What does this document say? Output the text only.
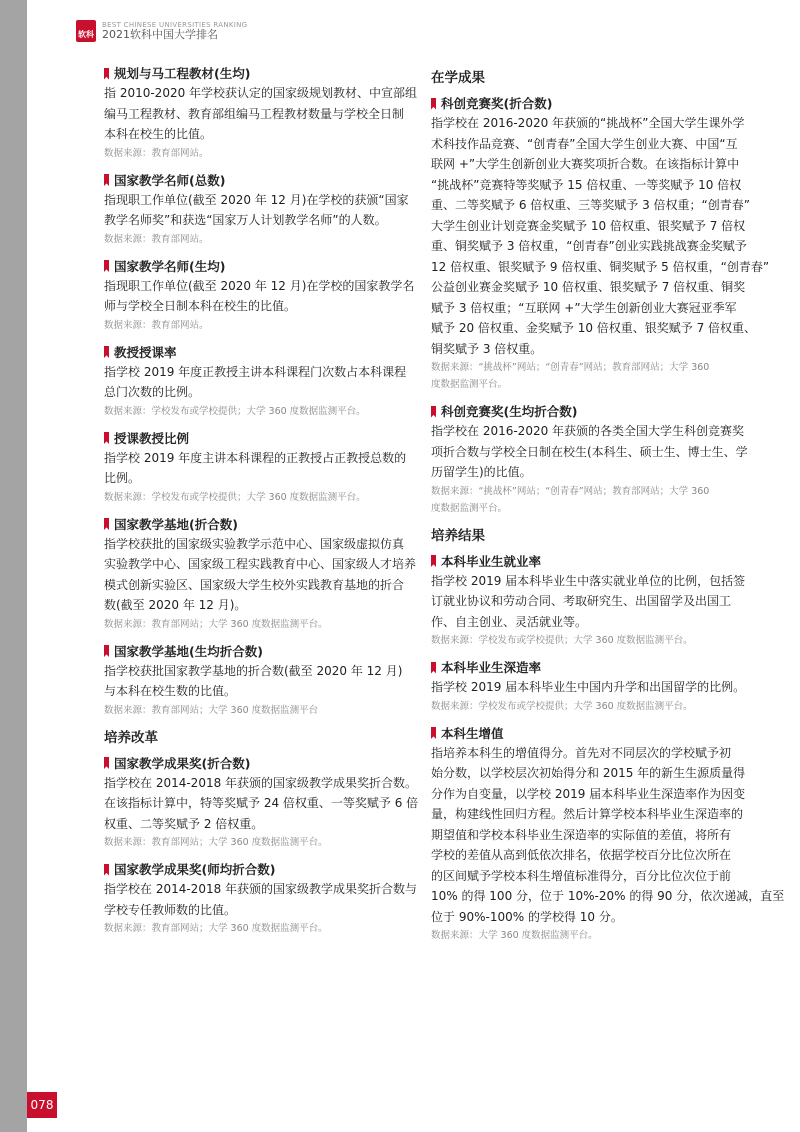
078
软科
BEST CHINESE UNIVERSITIES RANKING
2021软科中国大学排名
规划与马工程教材(生均)
指 2010-2020 年学校获认定的国家级规划教材、中宣部组
编马工程教材、教育部组编马工程教材数量与学校全日制
本科在校生的比值。
数据来源：教育部网站。
国家教学名师(总数)
指现职工作单位(截至 2020 年 12 月)在学校的获颁“国家
教学名师奖”和获选“国家万人计划教学名师”的人数。
数据来源：教育部网站。
国家教学名师(生均)
指现职工作单位(截至 2020 年 12 月)在学校的国家教学名
师与学校全日制本科在校生的比值。
数据来源：教育部网站。
教授授课率
指学校 2019 年度正教授主讲本科课程门次数占本科课程
总门次数的比例。
数据来源：学校发布或学校提供；大学 360 度数据监测平台。
授课教授比例
指学校 2019 年度主讲本科课程的正教授占正教授总数的
比例。
数据来源：学校发布或学校提供；大学 360 度数据监测平台。
国家教学基地(折合数)
指学校获批的国家级实验教学示范中心、国家级虚拟仿真
实验教学中心、国家级工程实践教育中心、国家级人才培养
模式创新实验区、国家级大学生校外实践教育基地的折合
数(截至 2020 年 12 月)。
数据来源：教育部网站；大学 360 度数据监测平台。
国家教学基地(生均折合数)
指学校获批国家教学基地的折合数(截至 2020 年 12 月)
与本科在校生数的比值。
数据来源：教育部网站；大学 360 度数据监测平台
培养改革
国家教学成果奖(折合数)
指学校在 2014-2018 年获颁的国家级教学成果奖折合数。
在该指标计算中，特等奖赋予 24 倍权重、一等奖赋予 6 倍
权重、二等奖赋予 2 倍权重。
数据来源：教育部网站；大学 360 度数据监测平台。
国家教学成果奖(师均折合数)
指学校在 2014-2018 年获颁的国家级教学成果奖折合数与
学校专任教师数的比值。
数据来源：教育部网站；大学 360 度数据监测平台。
在学成果
科创竞赛奖(折合数)
指学校在 2016-2020 年获颁的“挑战杯”全国大学生课外学
术科技作品竞赛、“创青春”全国大学生创业大赛、中国“互
联网 +”大学生创新创业大赛奖项折合数。在该指标计算中
“挑战杯”竞赛特等奖赋予 15 倍权重、一等奖赋予 10 倍权
重、二等奖赋予 6 倍权重、三等奖赋予 3 倍权重；“创青春”
大学生创业计划竞赛金奖赋予 10 倍权重、银奖赋予 7 倍权
重、铜奖赋予 3 倍权重，“创青春”创业实践挑战赛金奖赋予
12 倍权重、银奖赋予 9 倍权重、铜奖赋予 5 倍权重，“创青春”
公益创业赛金奖赋予 10 倍权重、银奖赋予 7 倍权重、铜奖
赋予 3 倍权重；“互联网 +”大学生创新创业大赛冠亚季军
赋予 20 倍权重、金奖赋予 10 倍权重、银奖赋予 7 倍权重、
铜奖赋予 3 倍权重。
数据来源：“挑战杯”网站；“创青春”网站；教育部网站；大学 360
度数据监测平台。
科创竞赛奖(生均折合数)
指学校在 2016-2020 年获颁的各类全国大学生科创竞赛奖
项折合数与学校全日制在校生(本科生、硕士生、博士生、学
历留学生)的比值。
数据来源：“挑战杯”网站；“创青春”网站；教育部网站；大学 360
度数据监测平台。
培养结果
本科毕业生就业率
指学校 2019 届本科毕业生中落实就业单位的比例，包括签
订就业协议和劳动合同、考取研究生、出国留学及出国工
作、自主创业、灵活就业等。
数据来源：学校发布或学校提供；大学 360 度数据监测平台。
本科毕业生深造率
指学校 2019 届本科毕业生中国内升学和出国留学的比例。
数据来源：学校发布或学校提供；大学 360 度数据监测平台。
本科生增值
指培养本科生的增值得分。首先对不同层次的学校赋予初
始分数，以学校层次初始得分和 2015 年的新生生源质量得
分作为自变量，以学校 2019 届本科毕业生深造率作为因变
量，构建线性回归方程。然后计算学校本科毕业生深造率的
期望值和学校本科毕业生深造率的实际值的差值，将所有
学校的差值从高到低依次排名，依据学校百分比位次所在
的区间赋予学校本科生增值标准得分，百分比位次位于前
10% 的得 100 分，位于 10%-20% 的得 90 分，依次递减，直至
位于 90%-100% 的学校得 10 分。
数据来源：大学 360 度数据监测平台。
